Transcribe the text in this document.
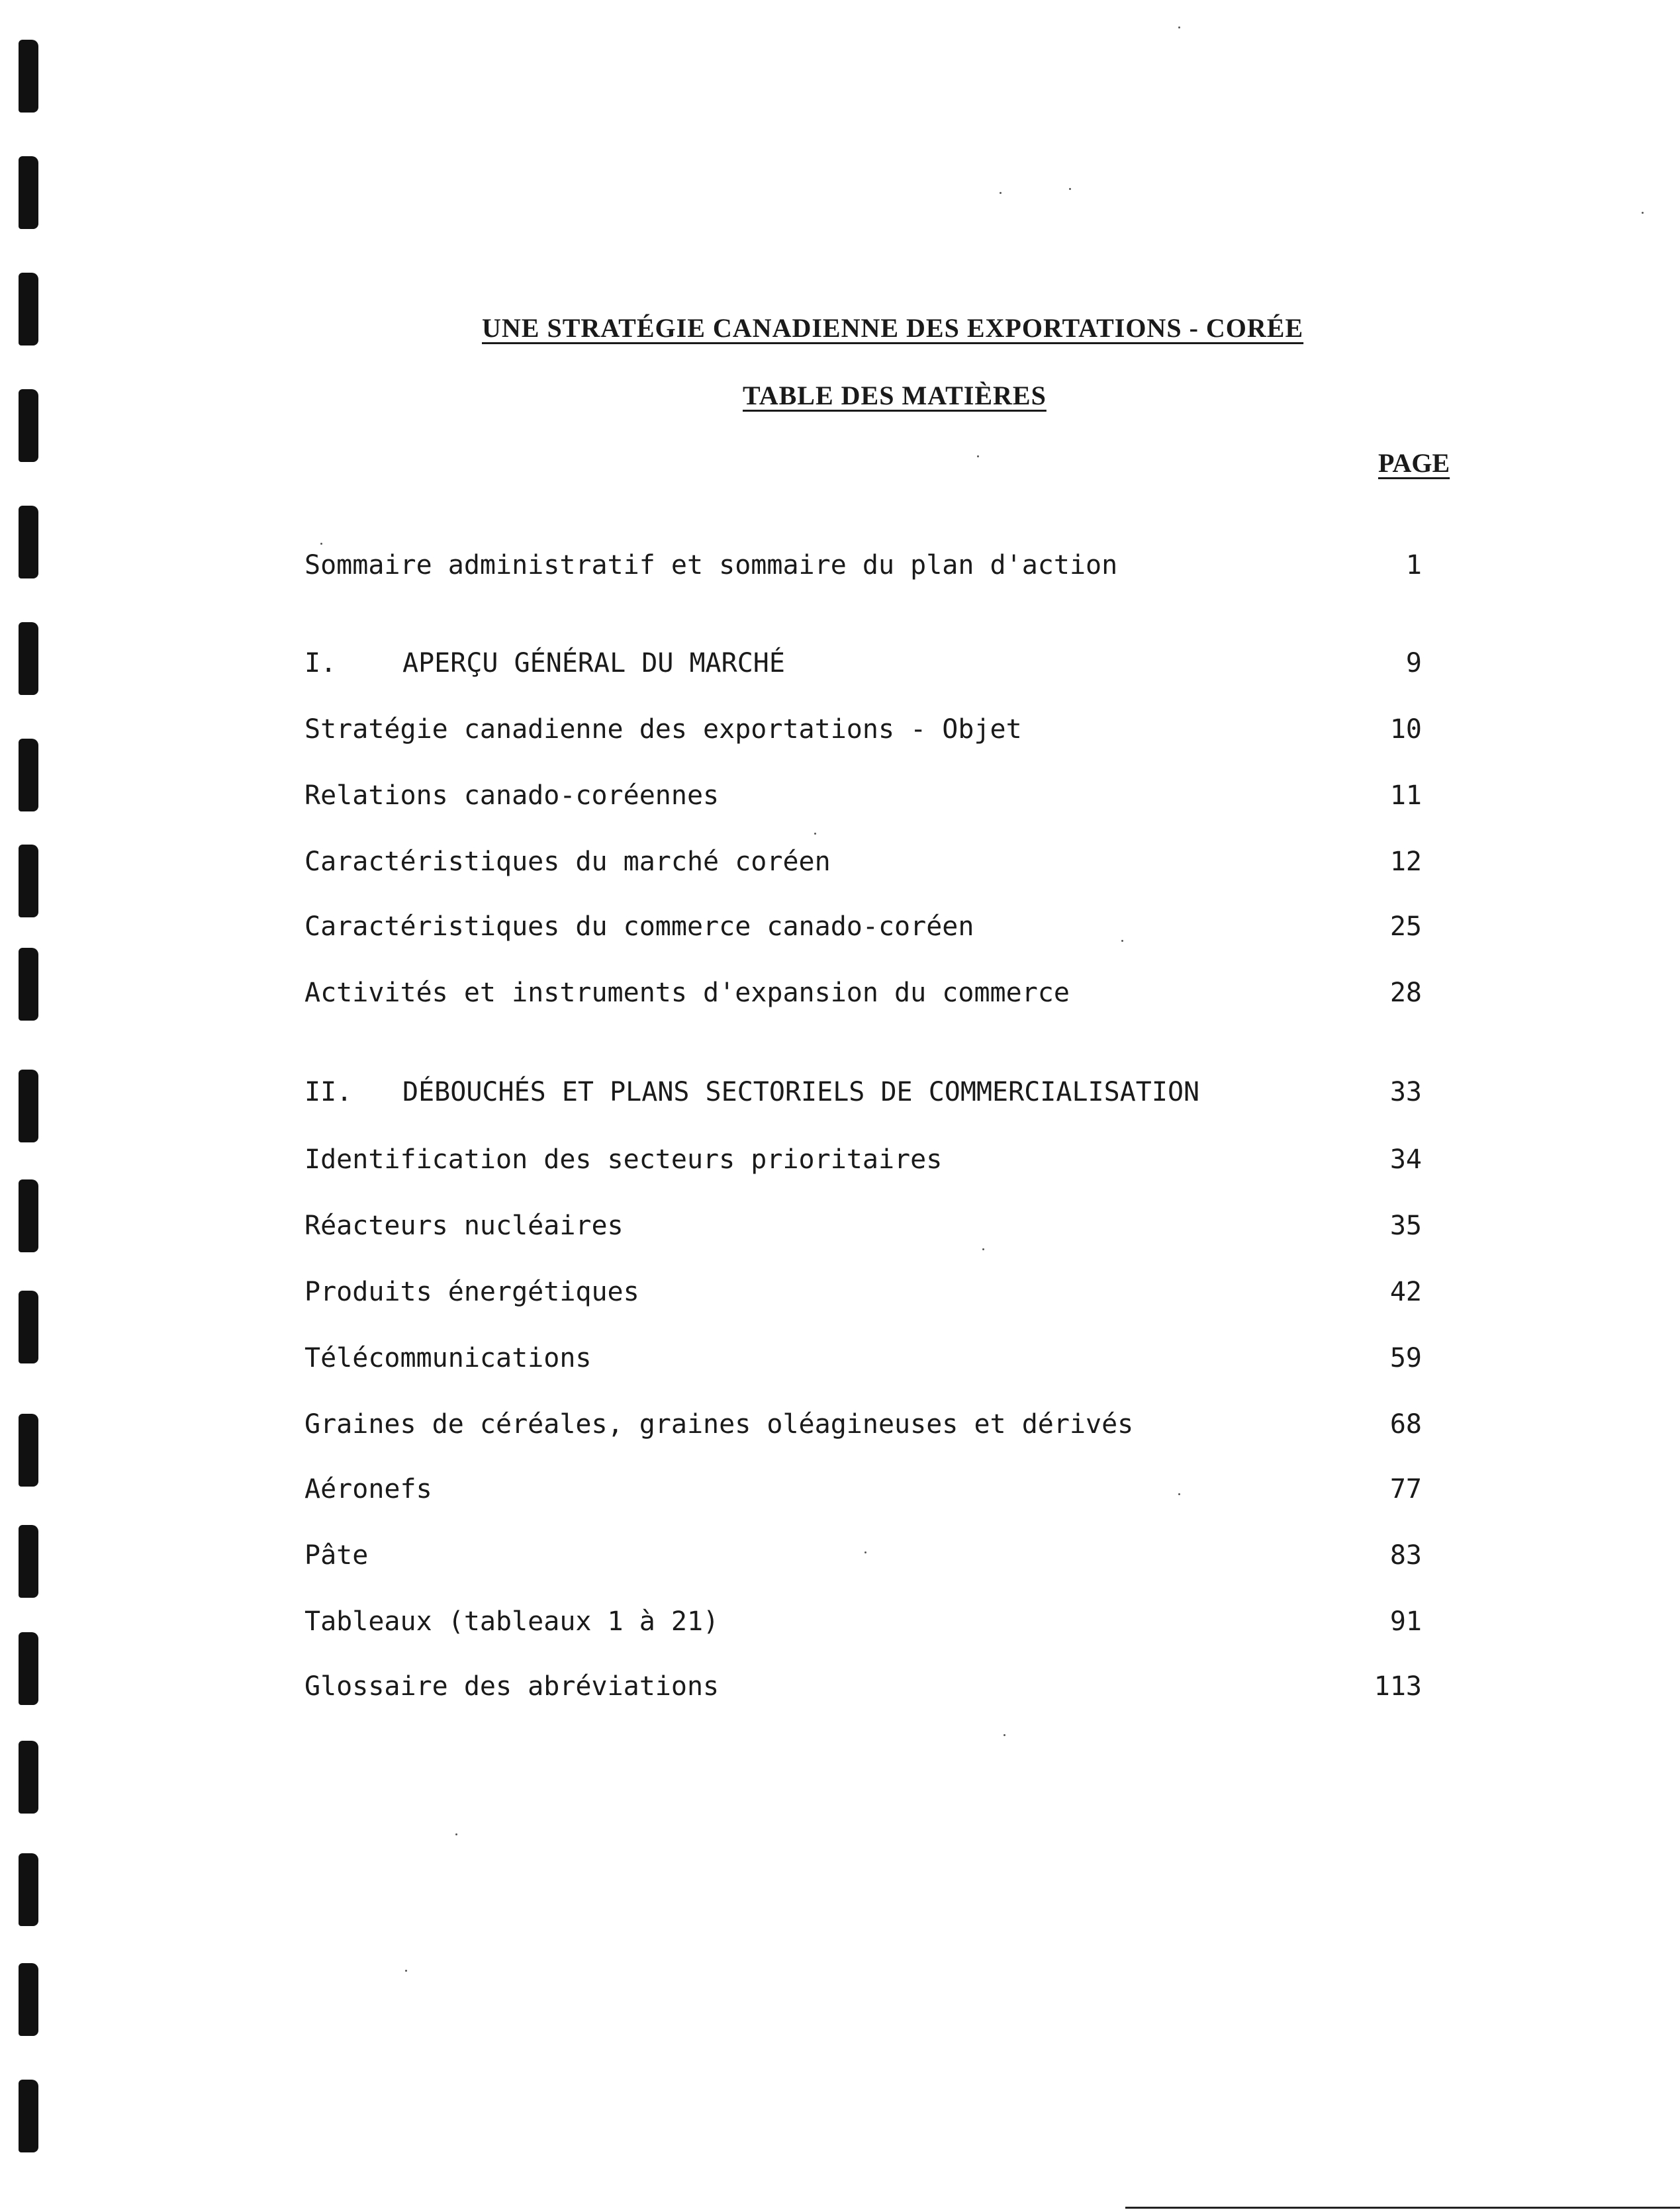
UNE STRATÉGIE CANADIENNE DES EXPORTATIONS - CORÉE
TABLE DES MATIÈRES
PAGE
Sommaire administratif et sommaire du plan d'action	1
I. APERÇU GÉNÉRAL DU MARCHÉ	9
Stratégie canadienne des exportations - Objet	10
Relations canado-coréennes	11
Caractéristiques du marché coréen	12
Caractéristiques du commerce canado-coréen	25
Activités et instruments d'expansion du commerce	28
II. DÉBOUCHÉS ET PLANS SECTORIELS DE COMMERCIALISATION	33
Identification des secteurs prioritaires	34
Réacteurs nucléaires	35
Produits énergétiques	42
Télécommunications	59
Graines de céréales, graines oléagineuses et dérivés	68
Aéronefs	77
Pâte	83
Tableaux (tableaux 1 à 21)	91
Glossaire des abréviations	113
